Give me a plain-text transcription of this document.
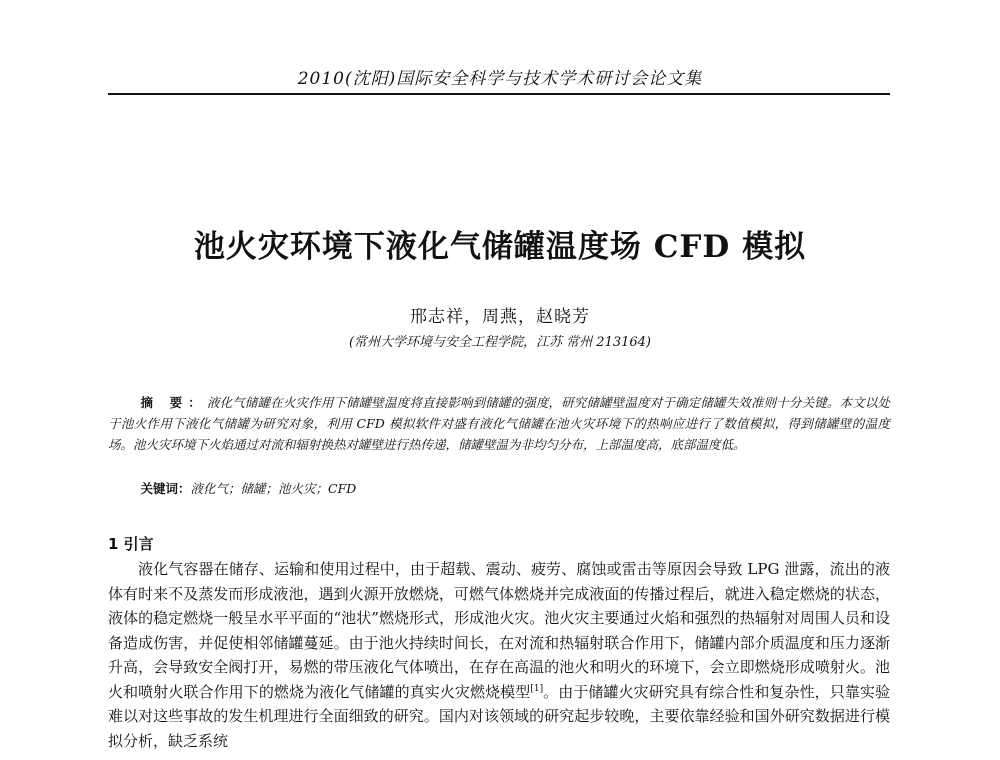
2010(沈阳)国际安全科学与技术学术研讨会论文集
池火灾环境下液化气储罐温度场 CFD 模拟
邢志祥，周燕，赵晓芳
(常州大学环境与安全工程学院，江苏 常州 213164)
摘 要：液化气储罐在火灾作用下储罐壁温度将直接影响到储罐的强度，研究储罐壁温度对于确定储罐失效准则十分关键。本文以处于池火作用下液化气储罐为研究对象，利用 CFD 模拟软件对盛有液化气储罐在池火灾环境下的热响应进行了数值模拟，得到储罐壁的温度场。池火灾环境下火焰通过对流和辐射换热对罐壁进行热传递，储罐壁温为非均匀分布，上部温度高，底部温度低。
关键词：液化气；储罐；池火灾；CFD
1 引言
液化气容器在储存、运输和使用过程中，由于超载、震动、疲劳、腐蚀或雷击等原因会导致 LPG 泄露，流出的液体有时来不及蒸发而形成液池，遇到火源开放燃烧，可燃气体燃烧并完成液面的传播过程后，就进入稳定燃烧的状态，液体的稳定燃烧一般呈水平平面的“池状”燃烧形式，形成池火灾。池火灾主要通过火焰和强烈的热辐射对周围人员和设备造成伤害，并促使相邻储罐蔓延。由于池火持续时间长，在对流和热辐射联合作用下，储罐内部介质温度和压力逐渐升高，会导致安全阀打开，易燃的带压液化气体喷出，在存在高温的池火和明火的环境下，会立即燃烧形成喷射火。池火和喷射火联合作用下的燃烧为液化气储罐的真实火灾燃烧模型[1]。由于储罐火灾研究具有综合性和复杂性，只靠实验难以对这些事故的发生机理进行全面细致的研究。国内对该领域的研究起步较晚，主要依靠经验和国外研究数据进行模拟分析，缺乏系统
